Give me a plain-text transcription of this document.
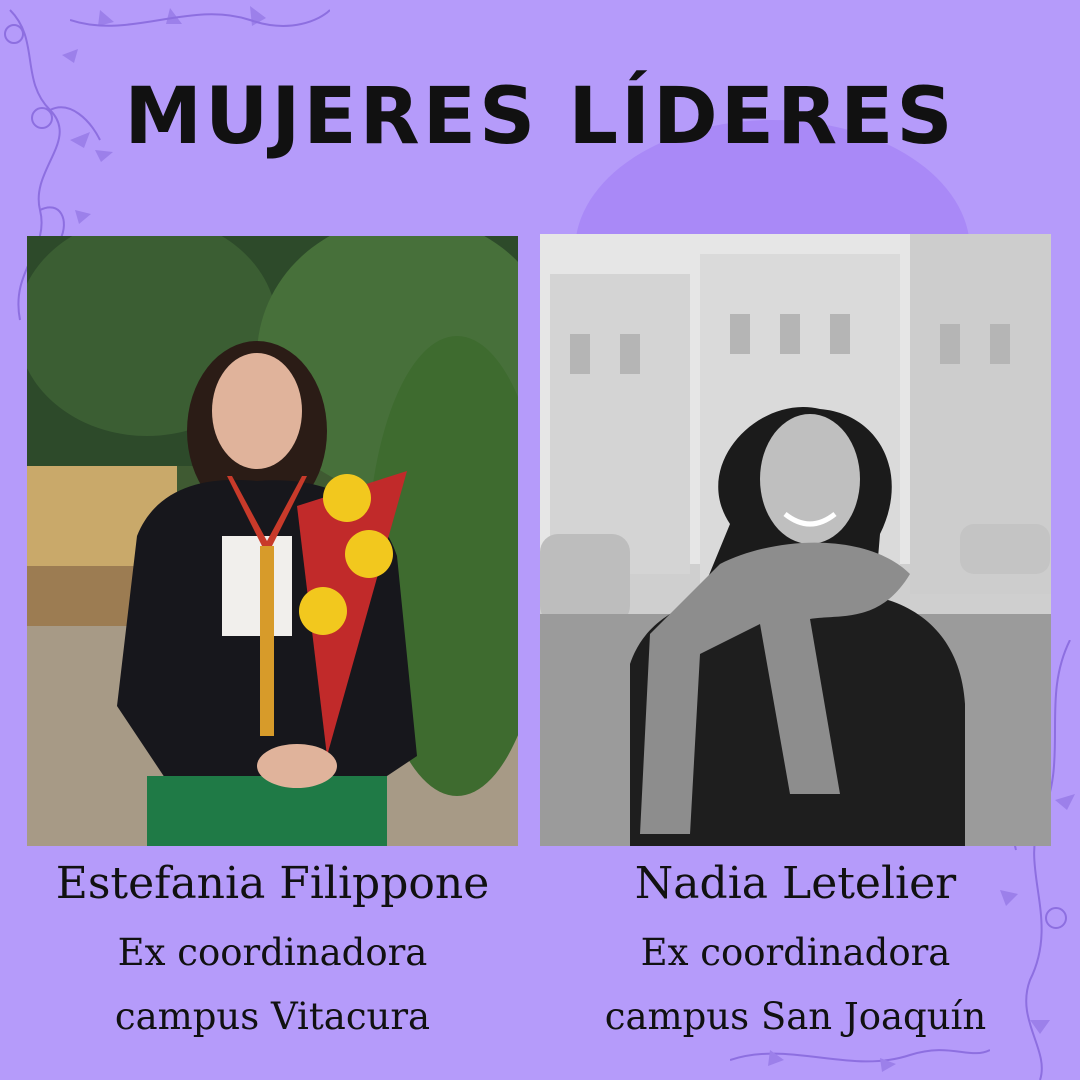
MUJERES LÍDERES
Estefania Filippone
Ex coordinadora
campus Vitacura
Nadia Letelier
Ex coordinadora
campus San Joaquín
